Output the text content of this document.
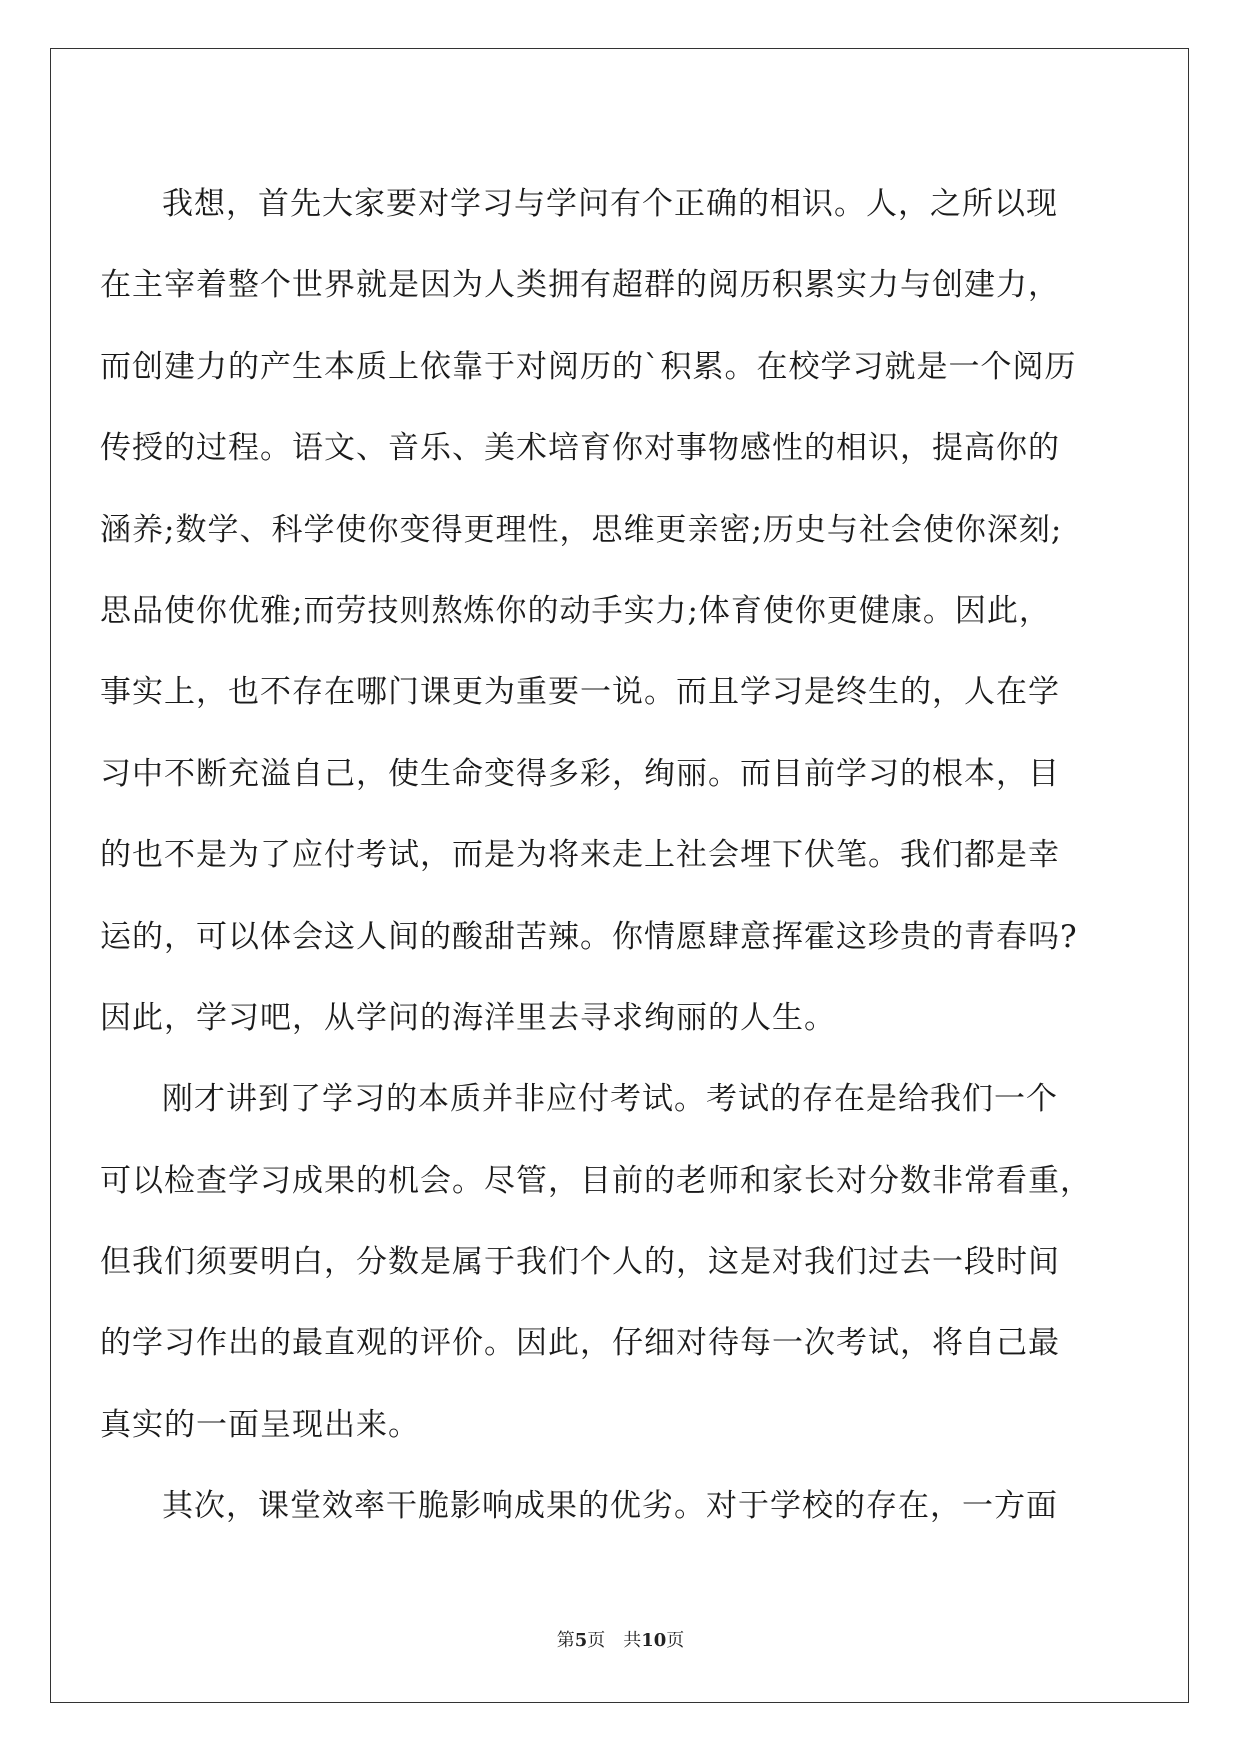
我想，首先大家要对学习与学问有个正确的相识。人，之所以现
在主宰着整个世界就是因为人类拥有超群的阅历积累实力与创建力，
而创建力的产生本质上依靠于对阅历的`积累。在校学习就是一个阅历
传授的过程。语文、音乐、美术培育你对事物感性的相识，提高你的
涵养;数学、科学使你变得更理性，思维更亲密;历史与社会使你深刻;
思品使你优雅;而劳技则熬炼你的动手实力;体育使你更健康。因此，
事实上，也不存在哪门课更为重要一说。而且学习是终生的，人在学
习中不断充溢自己，使生命变得多彩，绚丽。而目前学习的根本，目
的也不是为了应付考试，而是为将来走上社会埋下伏笔。我们都是幸
运的，可以体会这人间的酸甜苦辣。你情愿肆意挥霍这珍贵的青春吗?
因此，学习吧，从学问的海洋里去寻求绚丽的人生。
刚才讲到了学习的本质并非应付考试。考试的存在是给我们一个
可以检查学习成果的机会。尽管，目前的老师和家长对分数非常看重，
但我们须要明白，分数是属于我们个人的，这是对我们过去一段时间
的学习作出的最直观的评价。因此，仔细对待每一次考试，将自己最
真实的一面呈现出来。
其次，课堂效率干脆影响成果的优劣。对于学校的存在，一方面
第5页 共10页
